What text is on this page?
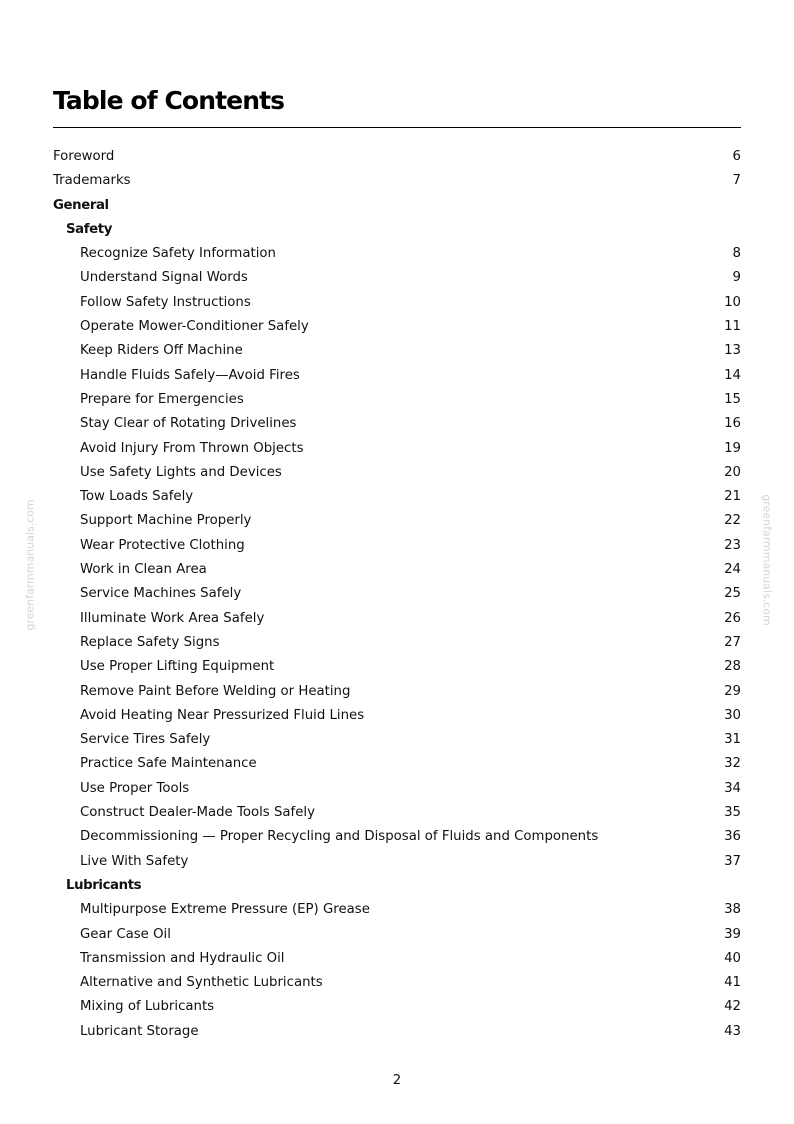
Table of Contents
Foreword	6
Trademarks	7
General
Safety
Recognize Safety Information	8
Understand Signal Words	9
Follow Safety Instructions	10
Operate Mower-Conditioner Safely	11
Keep Riders Off Machine	13
Handle Fluids Safely—Avoid Fires	14
Prepare for Emergencies	15
Stay Clear of Rotating Drivelines	16
Avoid Injury From Thrown Objects	19
Use Safety Lights and Devices	20
Tow Loads Safely	21
Support Machine Properly	22
Wear Protective Clothing	23
Work in Clean Area	24
Service Machines Safely	25
Illuminate Work Area Safely	26
Replace Safety Signs	27
Use Proper Lifting Equipment	28
Remove Paint Before Welding or Heating	29
Avoid Heating Near Pressurized Fluid Lines	30
Service Tires Safely	31
Practice Safe Maintenance	32
Use Proper Tools	34
Construct Dealer-Made Tools Safely	35
Decommissioning — Proper Recycling and Disposal of Fluids and Components	36
Live With Safety	37
Lubricants
Multipurpose Extreme Pressure (EP) Grease	38
Gear Case Oil	39
Transmission and Hydraulic Oil	40
Alternative and Synthetic Lubricants	41
Mixing of Lubricants	42
Lubricant Storage	43
greenfarmmanuals.com	greenfarmmanuals.com
2
